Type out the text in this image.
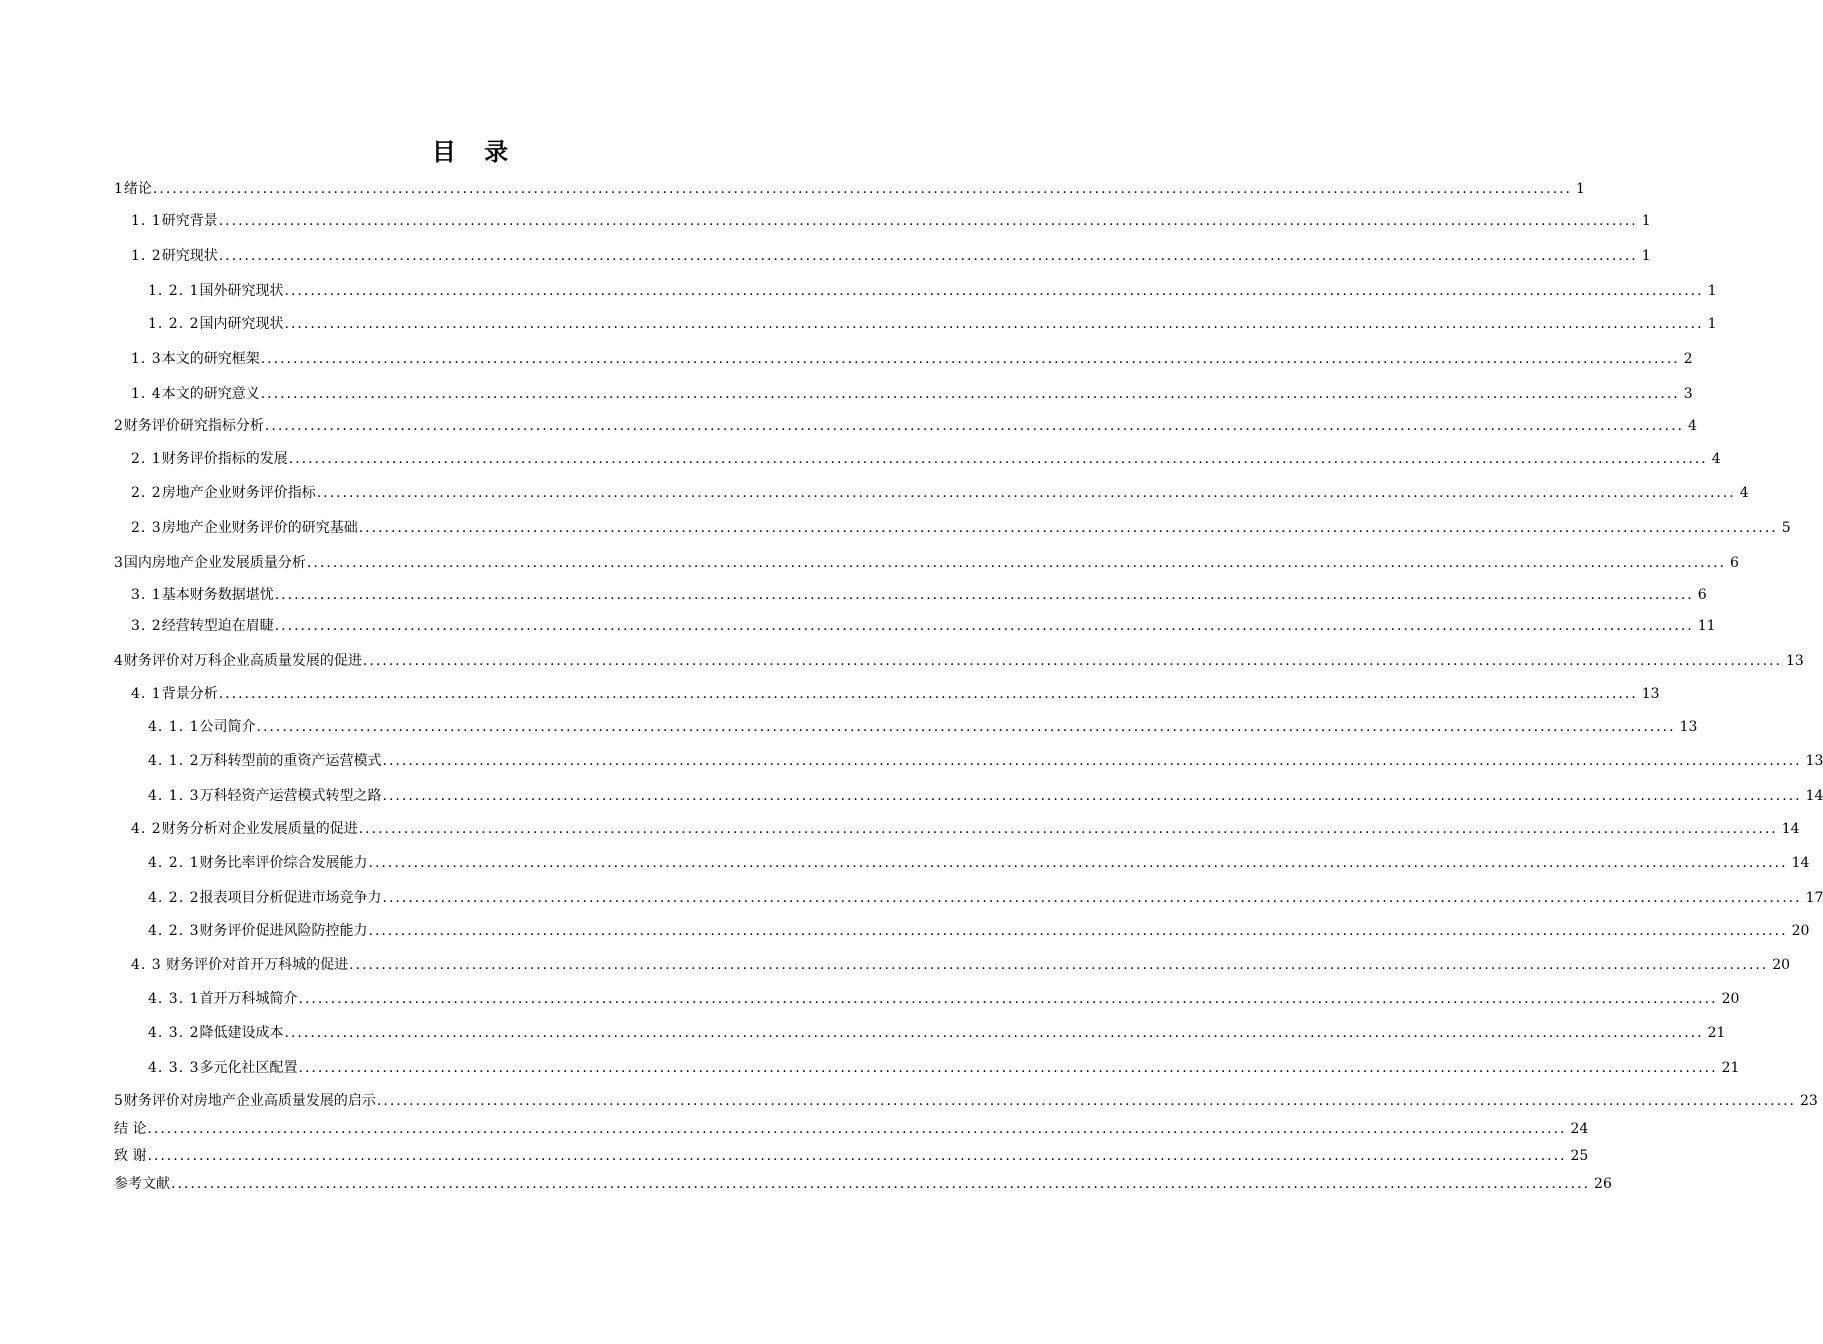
目 录
1绪论 ............................................................................................................................................................................................................................ 1
1. 1研究背景 ............................................................................................................................................................................................................................ 1
1. 2研究现状 ............................................................................................................................................................................................................................ 1
1. 2. 1国外研究现状 ............................................................................................................................................................................................................................ 1
1. 2. 2国内研究现状 ............................................................................................................................................................................................................................ 1
1. 3本文的研究框架 ............................................................................................................................................................................................................................ 2
1. 4本文的研究意义 ............................................................................................................................................................................................................................ 3
2财务评价研究指标分析 ............................................................................................................................................................................................................................ 4
2. 1财务评价指标的发展 ............................................................................................................................................................................................................................ 4
2. 2房地产企业财务评价指标 ............................................................................................................................................................................................................................ 4
2. 3房地产企业财务评价的研究基础 ............................................................................................................................................................................................................................ 5
3国内房地产企业发展质量分析 ............................................................................................................................................................................................................................ 6
3. 1基本财务数据堪忧 ............................................................................................................................................................................................................................ 6
3. 2经营转型迫在眉睫 ............................................................................................................................................................................................................................ 11
4财务评价对万科企业高质量发展的促进 ............................................................................................................................................................................................................................ 13
4. 1背景分析 ............................................................................................................................................................................................................................ 13
4. 1. 1公司简介 ............................................................................................................................................................................................................................ 13
4. 1. 2万科转型前的重资产运营模式 ............................................................................................................................................................................................................................ 13
4. 1. 3万科轻资产运营模式转型之路 ............................................................................................................................................................................................................................ 14
4. 2财务分析对企业发展质量的促进 ............................................................................................................................................................................................................................ 14
4. 2. 1财务比率评价综合发展能力 ............................................................................................................................................................................................................................ 14
4. 2. 2报表项目分析促进市场竞争力 ............................................................................................................................................................................................................................ 17
4. 2. 3财务评价促进风险防控能力 ............................................................................................................................................................................................................................ 20
4. 3 财务评价对首开万科城的促进 ............................................................................................................................................................................................................................ 20
4. 3. 1首开万科城简介 ............................................................................................................................................................................................................................ 20
4. 3. 2降低建设成本 ............................................................................................................................................................................................................................ 21
4. 3. 3多元化社区配置 ............................................................................................................................................................................................................................ 21
5财务评价对房地产企业高质量发展的启示 ............................................................................................................................................................................................................................ 23
结 论 ............................................................................................................................................................................................................................ 24
致 谢 ............................................................................................................................................................................................................................ 25
参考文献 ............................................................................................................................................................................................................................ 26
